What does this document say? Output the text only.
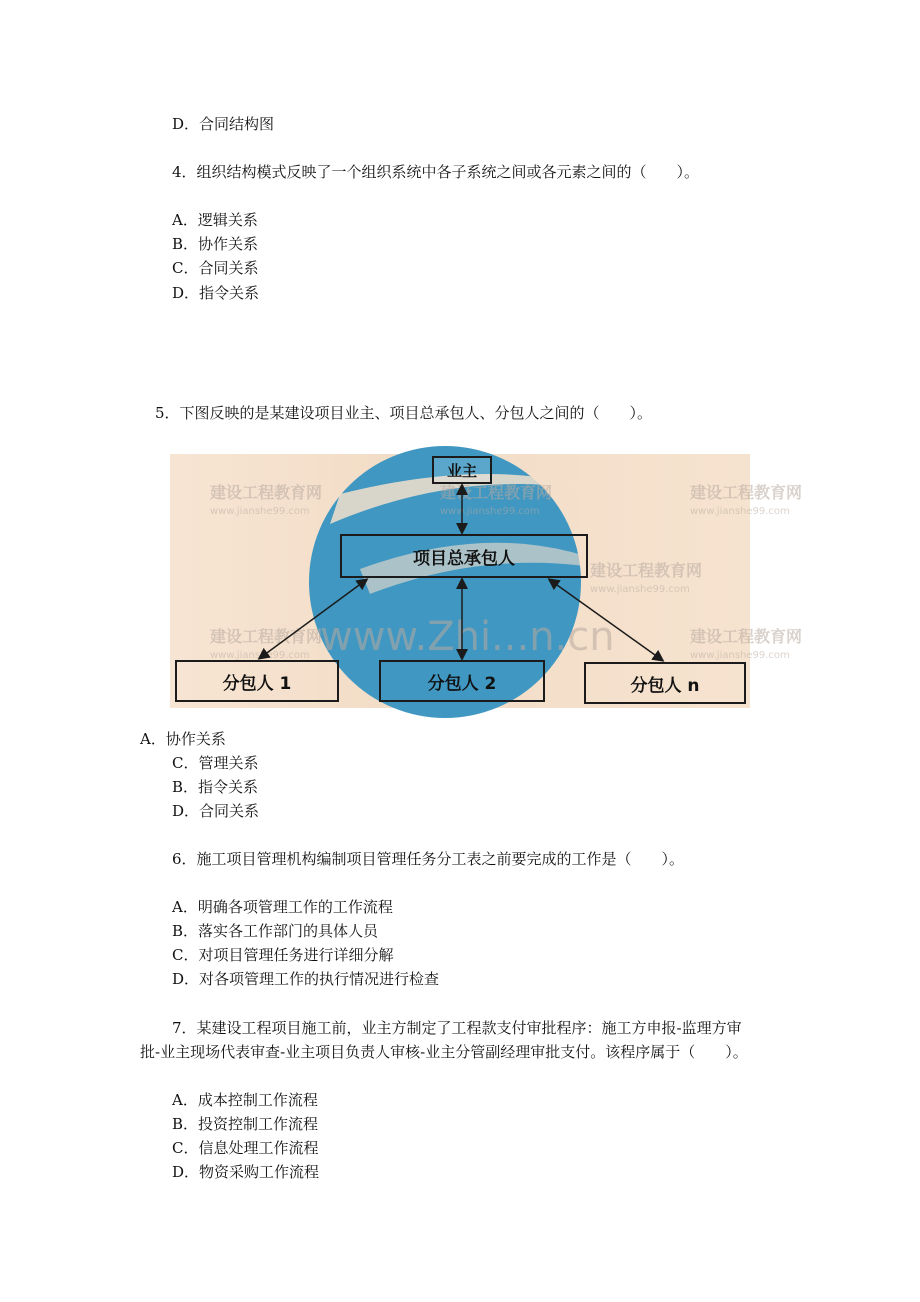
D．合同结构图
4．组织结构模式反映了一个组织系统中各子系统之间或各元素之间的（　　）。
A．逻辑关系
B．协作关系
C．合同关系
D．指令关系
5．下图反映的是某建设项目业主、项目总承包人、分包人之间的（　　）。
建设工程教育网
www.jianshe99.com
建设工程教育网
www.jianshe99.com
建设工程教育网
www.jianshe99.com
建设工程教育网
www.jianshe99.com
建设工程教育网
www.jianshe99.com
建设工程教育网
www.jianshe99.com
www.Zhi...n.cn
业主
项目总承包人
分包人 1	分包人 2	分包人 n
A．协作关系
C．管理关系
B．指令关系
D．合同关系
6．施工项目管理机构编制项目管理任务分工表之前要完成的工作是（　　）。
A．明确各项管理工作的工作流程
B．落实各工作部门的具体人员
C．对项目管理任务进行详细分解
D．对各项管理工作的执行情况进行检查
7．某建设工程项目施工前，业主方制定了工程款支付审批程序：施工方申报-监理方审
批-业主现场代表审查-业主项目负责人审核-业主分管副经理审批支付。该程序属于（　　）。
A．成本控制工作流程
B．投资控制工作流程
C．信息处理工作流程
D．物资采购工作流程
